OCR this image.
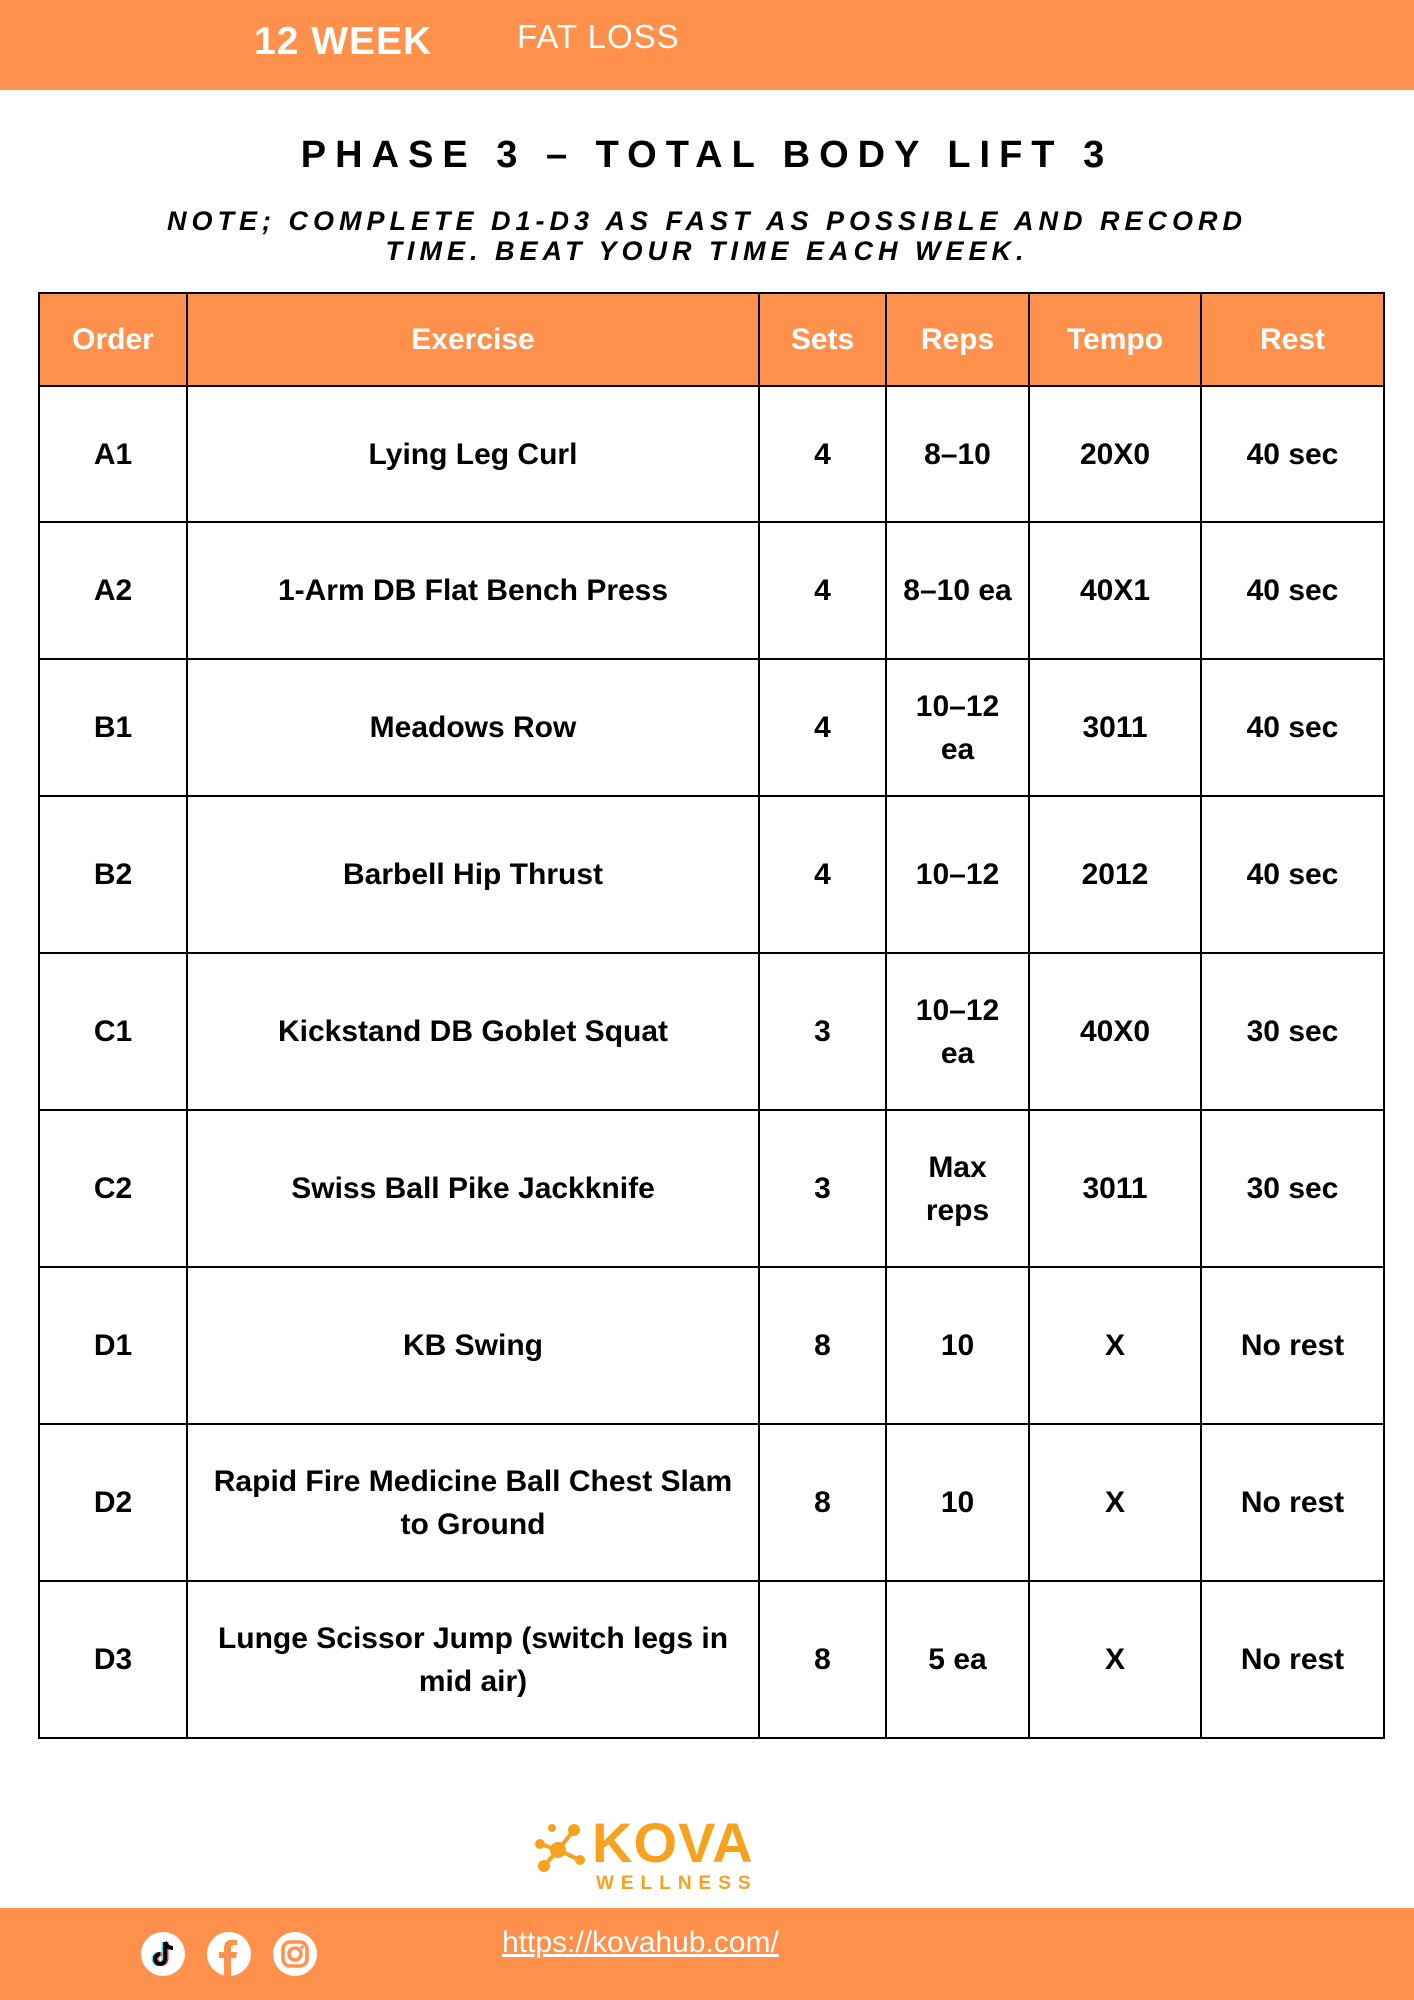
12 WEEK	FAT LOSS
PHASE 3 – TOTAL BODY LIFT 3
NOTE; COMPLETE D1-D3 AS FAST AS POSSIBLE AND RECORD TIME. BEAT YOUR TIME EACH WEEK.
Order	Exercise	Sets	Reps	Tempo	Rest
A1	Lying Leg Curl	4	8–10	20X0	40 sec
A2	1-Arm DB Flat Bench Press	4	8–10 ea	40X1	40 sec
B1	Meadows Row	4	10–12 ea	3011	40 sec
B2	Barbell Hip Thrust	4	10–12	2012	40 sec
C1	Kickstand DB Goblet Squat	3	10–12 ea	40X0	30 sec
C2	Swiss Ball Pike Jackknife	3	Max reps	3011	30 sec
D1	KB Swing	8	10	X	No rest
D2	Rapid Fire Medicine Ball Chest Slam to Ground	8	10	X	No rest
D3	Lunge Scissor Jump (switch legs in mid air)	8	5 ea	X	No rest
KOVA
WELLNESS
https://kovahub.com/
